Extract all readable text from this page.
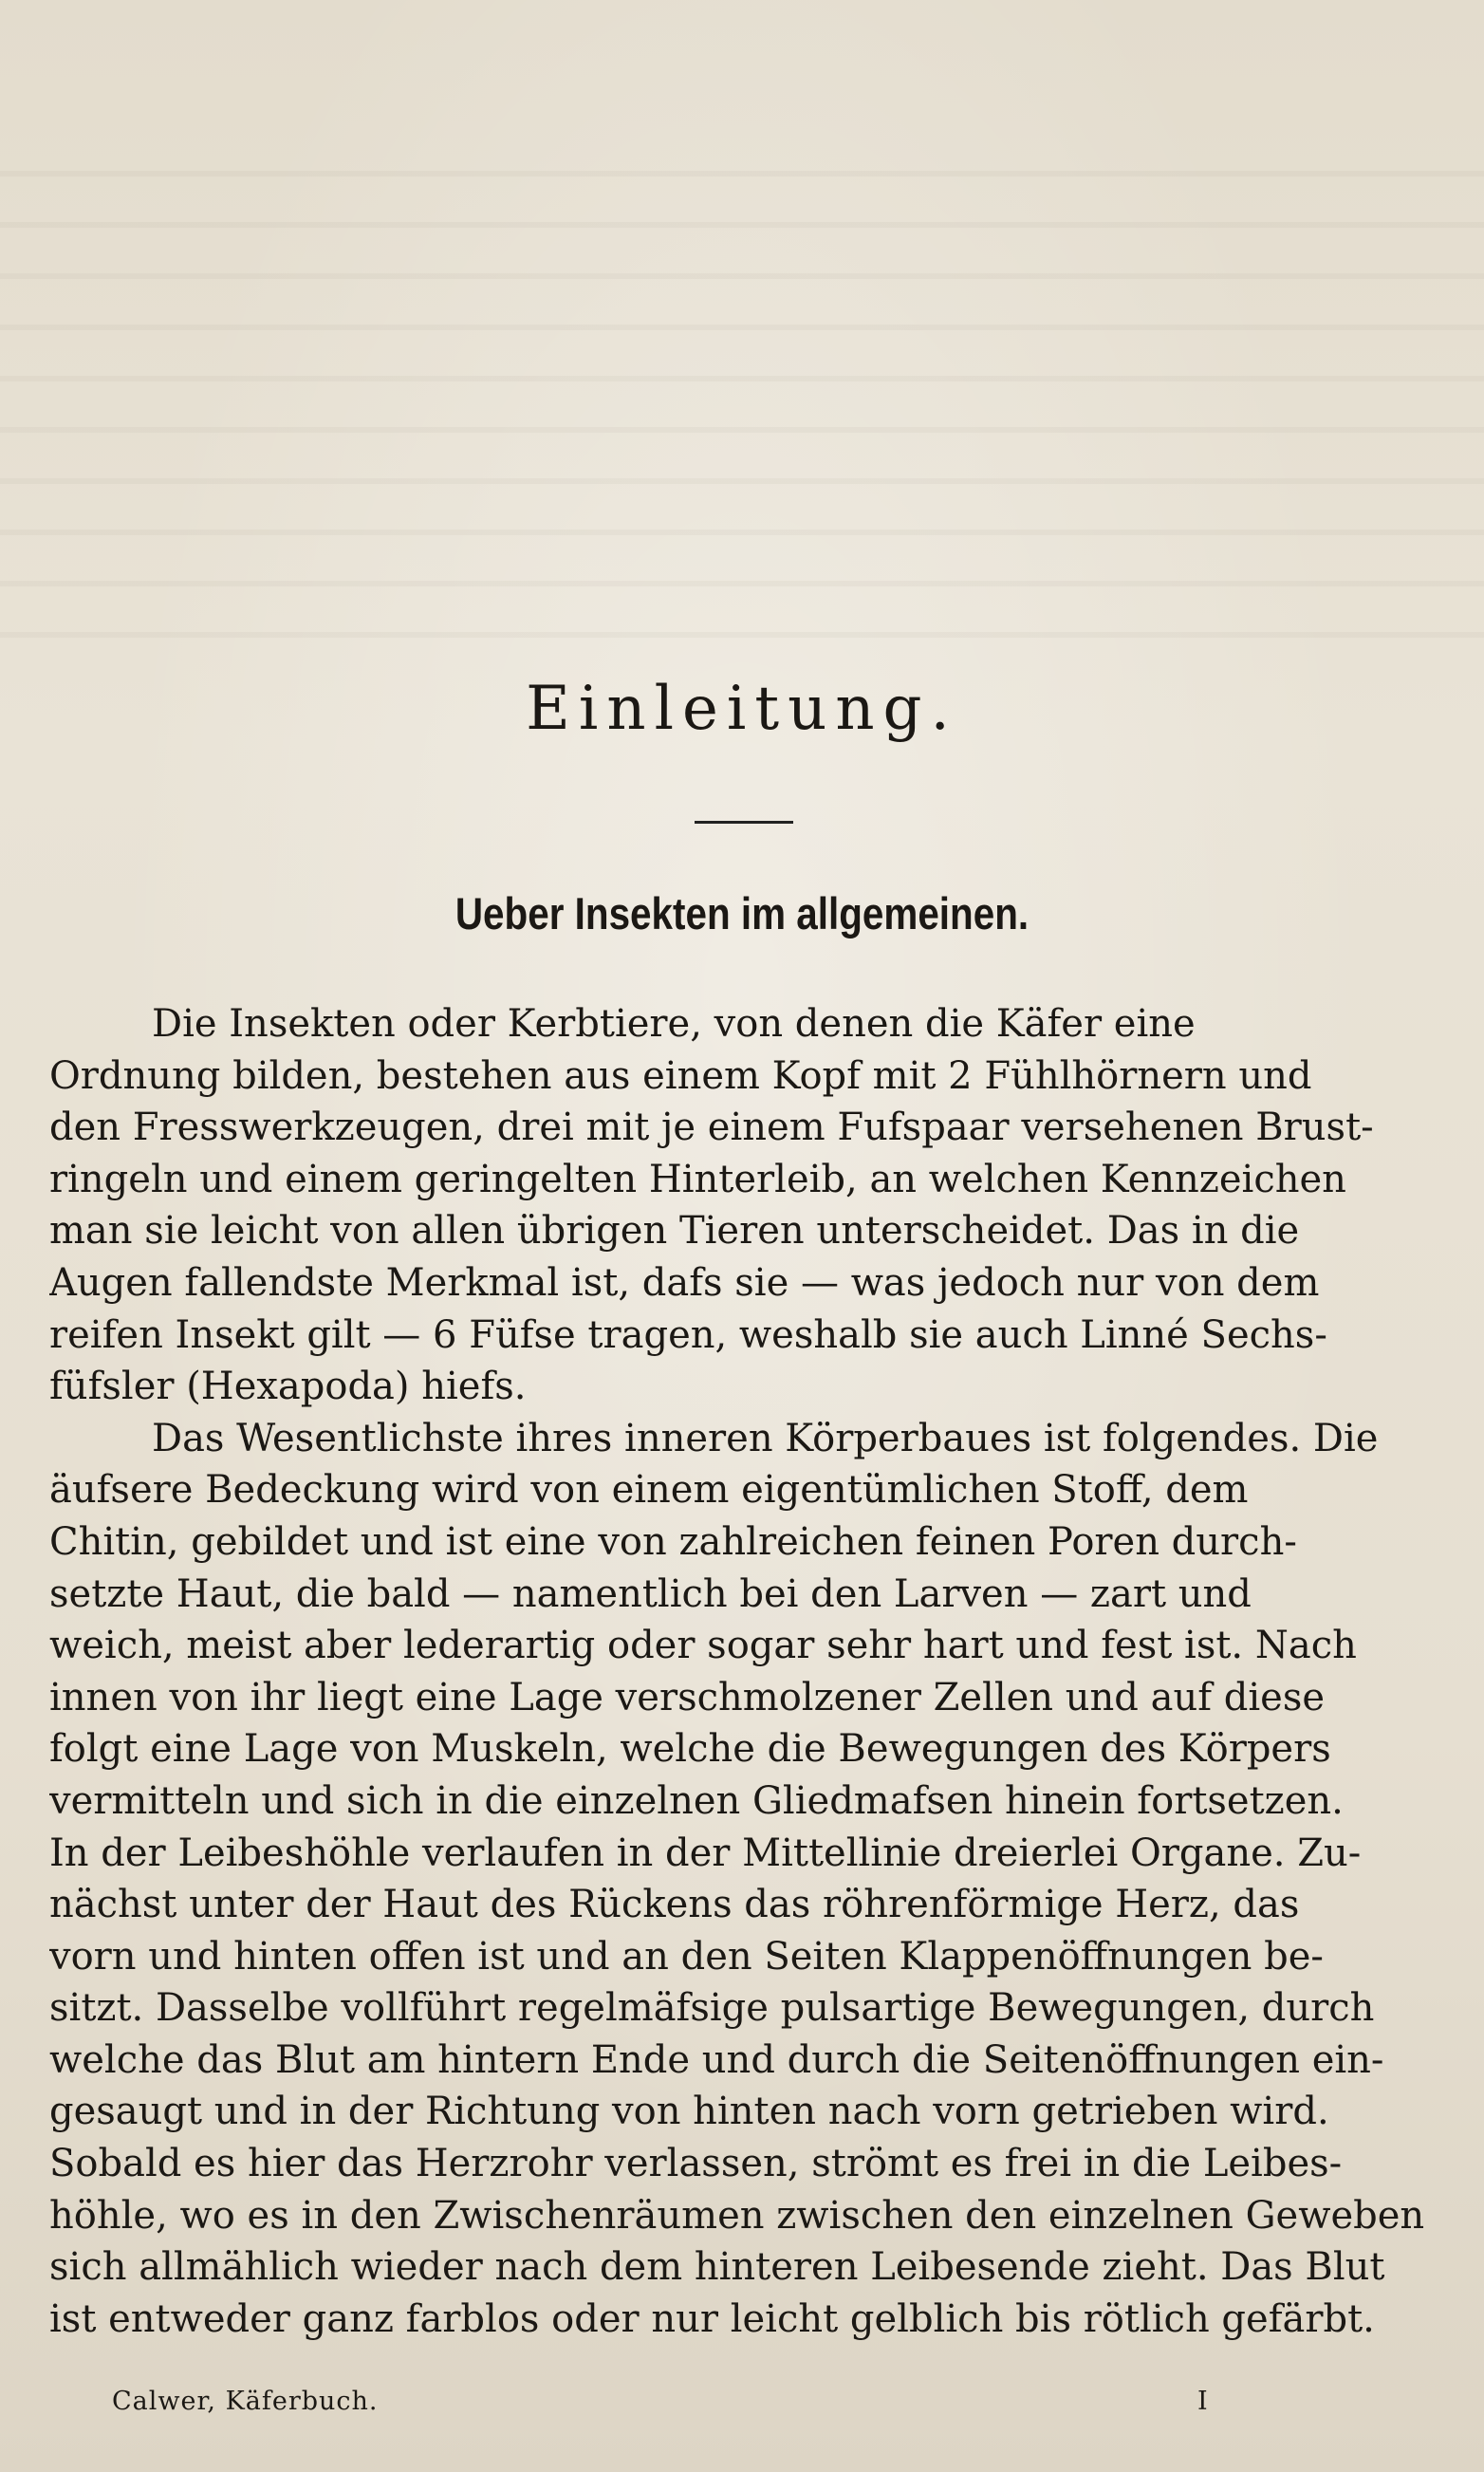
Einleitung.
Ueber Insekten im allgemeinen.
Die Insekten oder Kerbtiere, von denen die Käfer eine
Ordnung bilden, bestehen aus einem Kopf mit 2 Fühlhörnern und
den Fresswerkzeugen, drei mit je einem Fufspaar versehenen Brust-
ringeln und einem geringelten Hinterleib, an welchen Kennzeichen
man sie leicht von allen übrigen Tieren unterscheidet. Das in die
Augen fallendste Merkmal ist, dafs sie — was jedoch nur von dem
reifen Insekt gilt — 6 Füfse tragen, weshalb sie auch Linné Sechs-
füfsler (Hexapoda) hiefs.
Das Wesentlichste ihres inneren Körperbaues ist folgendes. Die
äufsere Bedeckung wird von einem eigentümlichen Stoff, dem
Chitin, gebildet und ist eine von zahlreichen feinen Poren durch-
setzte Haut, die bald — namentlich bei den Larven — zart und
weich, meist aber lederartig oder sogar sehr hart und fest ist. Nach
innen von ihr liegt eine Lage verschmolzener Zellen und auf diese
folgt eine Lage von Muskeln, welche die Bewegungen des Körpers
vermitteln und sich in die einzelnen Gliedmafsen hinein fortsetzen.
In der Leibeshöhle verlaufen in der Mittellinie dreierlei Organe. Zu-
nächst unter der Haut des Rückens das röhrenförmige Herz, das
vorn und hinten offen ist und an den Seiten Klappenöffnungen be-
sitzt. Dasselbe vollführt regelmäfsige pulsartige Bewegungen, durch
welche das Blut am hintern Ende und durch die Seitenöffnungen ein-
gesaugt und in der Richtung von hinten nach vorn getrieben wird.
Sobald es hier das Herzrohr verlassen, strömt es frei in die Leibes-
höhle, wo es in den Zwischenräumen zwischen den einzelnen Geweben
sich allmählich wieder nach dem hinteren Leibesende zieht. Das Blut
ist entweder ganz farblos oder nur leicht gelblich bis rötlich gefärbt.
Calwer, Käferbuch.	I
